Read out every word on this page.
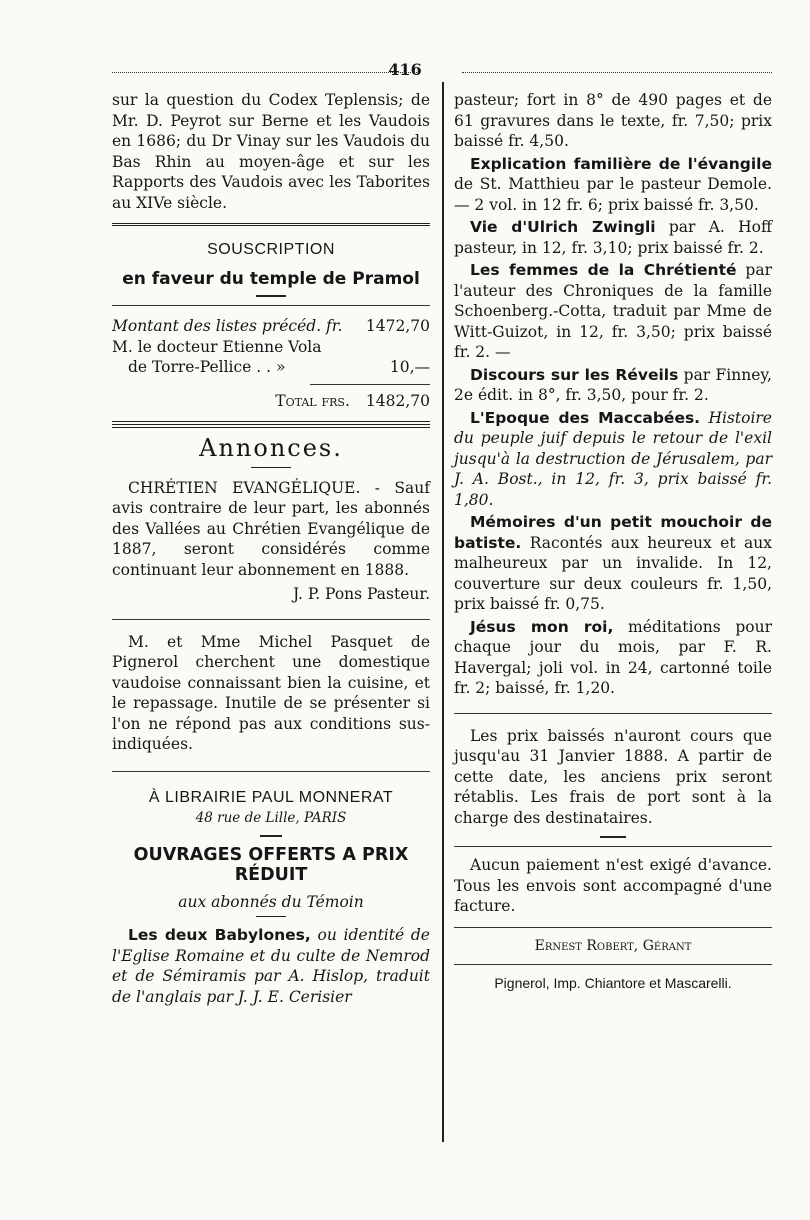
416

sur la question du Codex Teplensis; de Mr. D. Peyrot sur Berne et les Vaudois en 1686; du Dr Vinay sur les Vaudois du Bas Rhin au moyen-âge et sur les Rapports des Vaudois avec les Taborites au XIVe siècle.

SOUSCRIPTION

en faveur du temple de Pramol

Montant des listes précéd. fr. 1472,70

M. le docteur Etienne Vola

de Torre-Pellice . . »	10,—
Total frs. 1482,70

Annonces.

CHRÉTIEN EVANGÉLIQUE. - Sauf avis contraire de leur part, les abonnés des Vallées au Chrétien Evangélique de 1887, seront considérés comme continuant leur abonnement en 1888.

J. P. Pons Pasteur.

M. et Mme Michel Pasquet de Pignerol cherchent une domestique vaudoise connaissant bien la cuisine, et le repassage. Inutile de se présenter si l'on ne répond pas aux conditions sus-indiquées.

À LIBRAIRIE PAUL MONNERAT

48 rue de Lille, PARIS

OUVRAGES OFFERTS A PRIX RÉDUIT

aux abonnés du Témoin

Les deux Babylones, ou identité de l'Eglise Romaine et du culte de Nemrod et de Sémiramis par A. Hislop, traduit de l'anglais par J. J. E. Cerisier

pasteur; fort in 8° de 490 pages et de 61 gravures dans le texte, fr. 7,50; prix baissé fr. 4,50.

Explication familière de l'évangile de St. Matthieu par le pasteur Demole. — 2 vol. in 12 fr. 6; prix baissé fr. 3,50.

Vie d'Ulrich Zwingli par A. Hoff pasteur, in 12, fr. 3,10; prix baissé fr. 2.

Les femmes de la Chrétienté par l'auteur des Chroniques de la famille Schoenberg.-Cotta, traduit par Mme de Witt-Guizot, in 12, fr. 3,50; prix baissé fr. 2. —

Discours sur les Réveils par Finney, 2e édit. in 8°, fr. 3,50, pour fr. 2.

L'Epoque des Maccabées. Histoire du peuple juif depuis le retour de l'exil jusqu'à la destruction de Jérusalem, par J. A. Bost., in 12, fr. 3, prix baissé fr. 1,80.

Mémoires d'un petit mouchoir de batiste. Racontés aux heureux et aux malheureux par un invalide. In 12, couverture sur deux couleurs fr. 1,50, prix baissé fr. 0,75.

Jésus mon roi, méditations pour chaque jour du mois, par F. R. Havergal; joli vol. in 24, cartonné toile fr. 2; baissé, fr. 1,20.

Les prix baissés n'auront cours que jusqu'au 31 Janvier 1888. A partir de cette date, les anciens prix seront rétablis. Les frais de port sont à la charge des destinataires.

Aucun paiement n'est exigé d'avance. Tous les envois sont accompagné d'une facture.

Ernest Robert, Gérant

Pignerol, Imp. Chiantore et Mascarelli.
